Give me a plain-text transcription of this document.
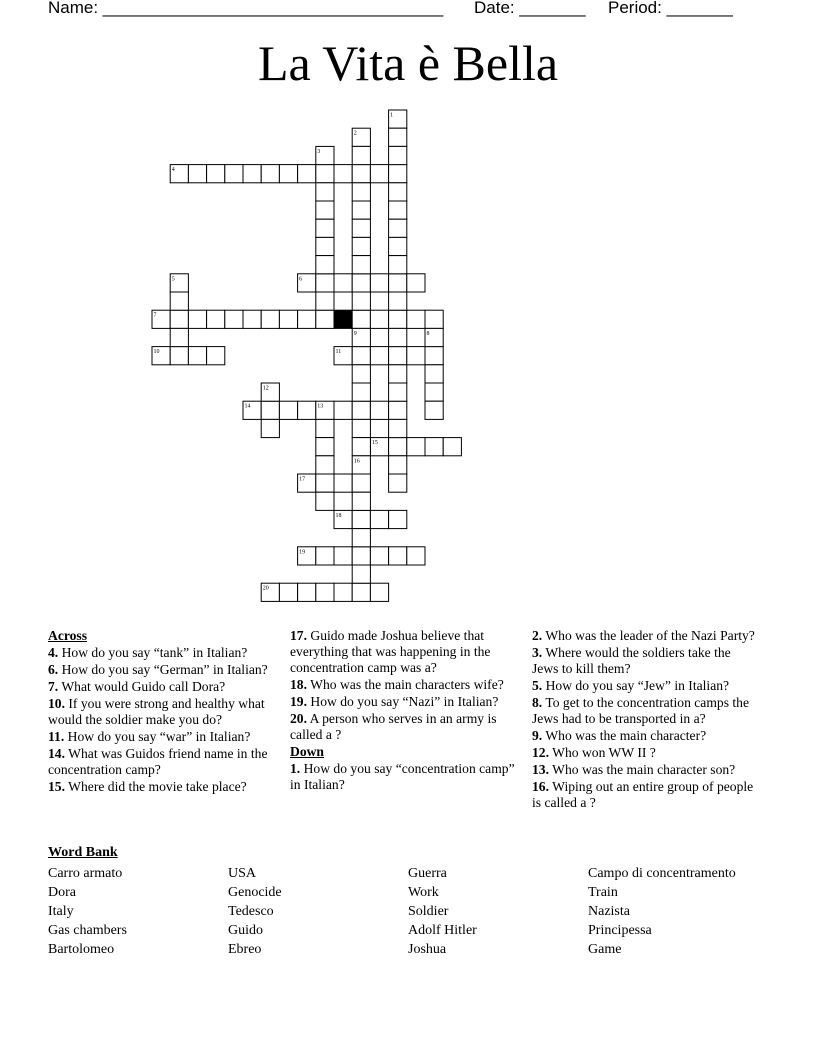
Name: ____________________________________ Date: _______ Period: _______
La Vita è Bella
4
6
7
10	11
14
15
17
18
19
20
1
2
3
5
8
9
12
13
16
Across
4. How do you say “tank” in Italian?
6. How do you say “German” in Italian?
7. What would Guido call Dora?
10. If you were strong and healthy what would the soldier make you do?
11. How do you say “war” in Italian?
14. What was Guidos friend name in the concentration camp?
15. Where did the movie take place?
17. Guido made Joshua believe that everything that was happening in the concentration camp was a?
18. Who was the main characters wife?
19. How do you say “Nazi” in Italian?
20. A person who serves in an army is called a ?
Down
1. How do you say “concentration camp” in Italian?
2. Who was the leader of the Nazi Party?
3. Where would the soldiers take the Jews to kill them?
5. How do you say “Jew” in Italian?
8. To get to the concentration camps the Jews had to be transported in a?
9. Who was the main character?
12. Who won WW II ?
13. Who was the main character son?
16. Wiping out an entire group of people is called a ?
Word Bank
Carro armato
Dora
Italy
Gas chambers
Bartolomeo
USA
Genocide
Tedesco
Guido
Ebreo
Guerra
Work
Soldier
Adolf Hitler
Joshua
Campo di concentramento
Train
Nazista
Principessa
Game
